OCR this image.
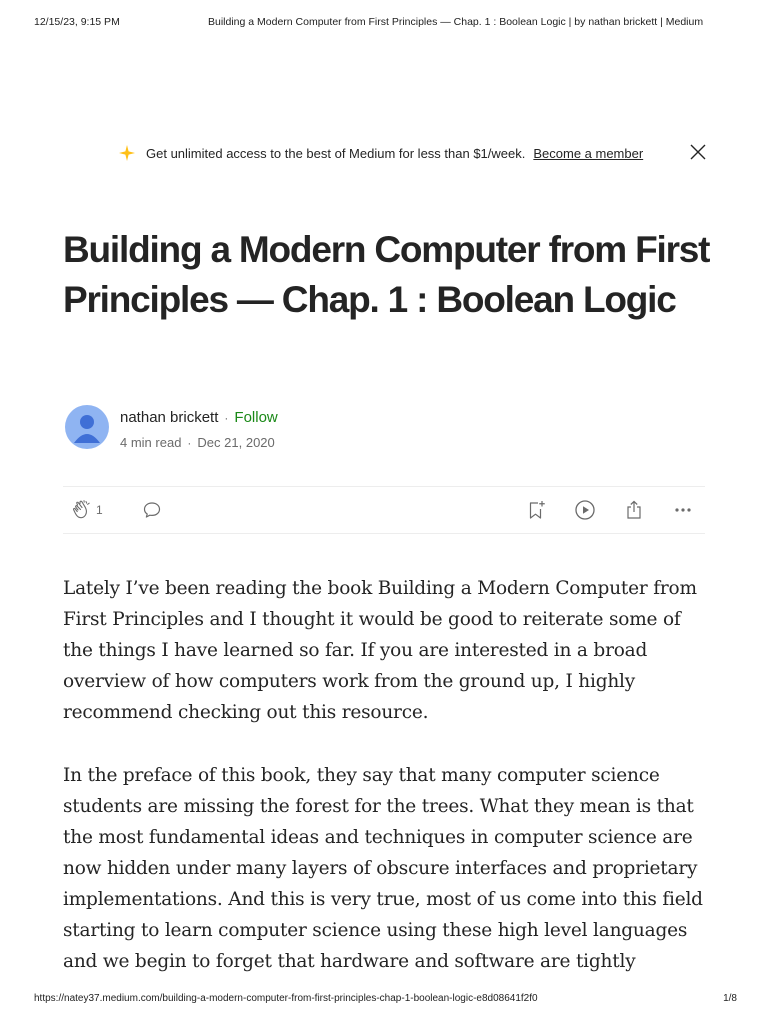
12/15/23, 9:15 PM	Building a Modern Computer from First Principles — Chap. 1 : Boolean Logic | by nathan brickett | Medium
Get unlimited access to the best of Medium for less than $1/week. Become a member
Building a Modern Computer from First Principles — Chap. 1 : Boolean Logic
nathan brickett · Follow
4 min read · Dec 21, 2020
1

Lately I’ve been reading the book Building a Modern Computer from First Principles and I thought it would be good to reiterate some of the things I have learned so far. If you are interested in a broad overview of how computers work from the ground up, I highly recommend checking out this resource.

In the preface of this book, they say that many computer science students are missing the forest for the trees. What they mean is that the most fundamental ideas and techniques in computer science are now hidden under many layers of obscure interfaces and proprietary implementations. And this is very true, most of us come into this field starting to learn computer science using these high level languages and we begin to forget that hardware and software are tightly

https://natey37.medium.com/building-a-modern-computer-from-first-principles-chap-1-boolean-logic-e8d08641f2f0	1/8
